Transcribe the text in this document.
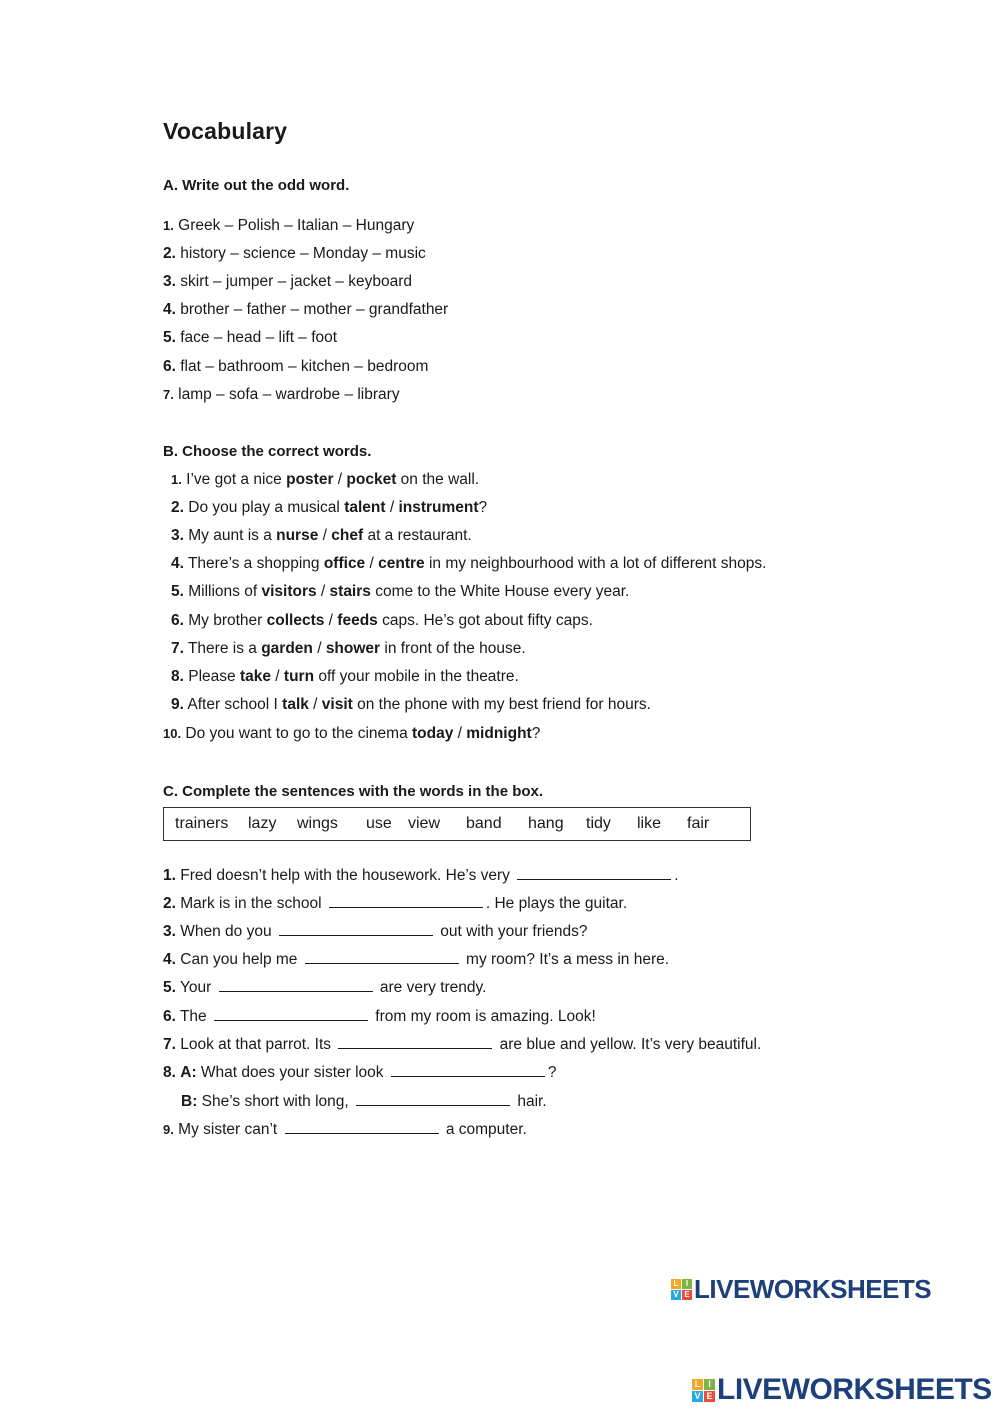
Vocabulary
A. Write out the odd word.
1. Greek – Polish – Italian – Hungary
2. history – science – Monday – music
3. skirt – jumper – jacket – keyboard
4. brother – father – mother – grandfather
5. face – head – lift – foot
6. flat – bathroom – kitchen – bedroom
7. lamp – sofa – wardrobe – library
B. Choose the correct words.
1. I’ve got a nice poster / pocket on the wall.
2. Do you play a musical talent / instrument?
3. My aunt is a nurse / chef at a restaurant.
4. There’s a shopping office / centre in my neighbourhood with a lot of different shops.
5. Millions of visitors / stairs come to the White House every year.
6. My brother collects / feeds caps. He’s got about fifty caps.
7. There is a garden / shower in front of the house.
8. Please take / turn off your mobile in the theatre.
9. After school I talk / visit on the phone with my best friend for hours.
10. Do you want to go to the cinema today / midnight?
C. Complete the sentences with the words in the box.
trainers lazy wings use view band hang tidy like fair
1. Fred doesn’t help with the housework. He’s very	.
2. Mark is in the school	. He plays the guitar.
3. When do you	out with your friends?
4. Can you help me	my room? It’s a mess in here.
5. Your	are very trendy.
6. The	from my room is amazing. Look!
7. Look at that parrot. Its	are blue and yellow. It’s very beautiful.
8. A: What does your sister look	?
B: She’s short with long,	hair.
9. My sister can’t	a computer.
L I
V E LIVEWORKSHEETS
L I
V E LIVEWORKSHEETS
